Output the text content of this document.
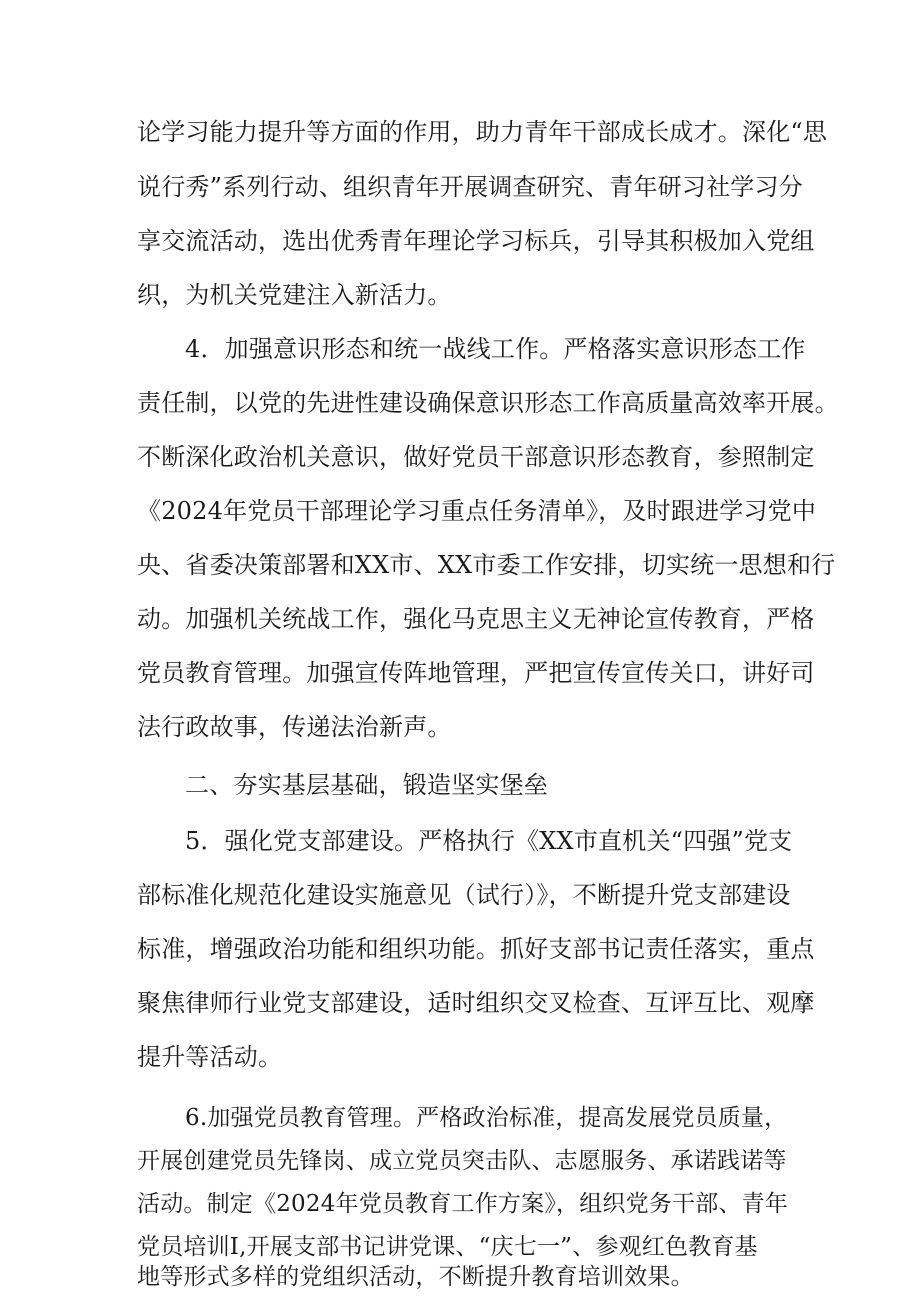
论学习能力提升等方面的作用，助力青年干部成长成才。深化“思
说行秀”系列行动、组织青年开展调查研究、青年研习社学习分
享交流活动，选出优秀青年理论学习标兵，引导其积极加入党组
织，为机关党建注入新活力。
4．加强意识形态和统一战线工作。严格落实意识形态工作
责任制，以党的先进性建设确保意识形态工作高质量高效率开展。
不断深化政治机关意识，做好党员干部意识形态教育，参照制定
《2024年党员干部理论学习重点任务清单》，及时跟进学习党中
央、省委决策部署和XX市、XX市委工作安排，切实统一思想和行
动。加强机关统战工作，强化马克思主义无神论宣传教育，严格
党员教育管理。加强宣传阵地管理，严把宣传宣传关口，讲好司
法行政故事，传递法治新声。
二、夯实基层基础，锻造坚实堡垒
5．强化党支部建设。严格执行《XX市直机关“四强”党支
部标准化规范化建设实施意见（试行）》，不断提升党支部建设
标准，增强政治功能和组织功能。抓好支部书记责任落实，重点
聚焦律师行业党支部建设，适时组织交叉检查、互评互比、观摩
提升等活动。
6.加强党员教育管理。严格政治标准，提高发展党员质量，
开展创建党员先锋岗、成立党员突击队、志愿服务、承诺践诺等
活动。制定《2024年党员教育工作方案》，组织党务干部、青年
党员培训I,开展支部书记讲党课、“庆七一”、参观红色教育基
地等形式多样的党组织活动，不断提升教育培训效果。
